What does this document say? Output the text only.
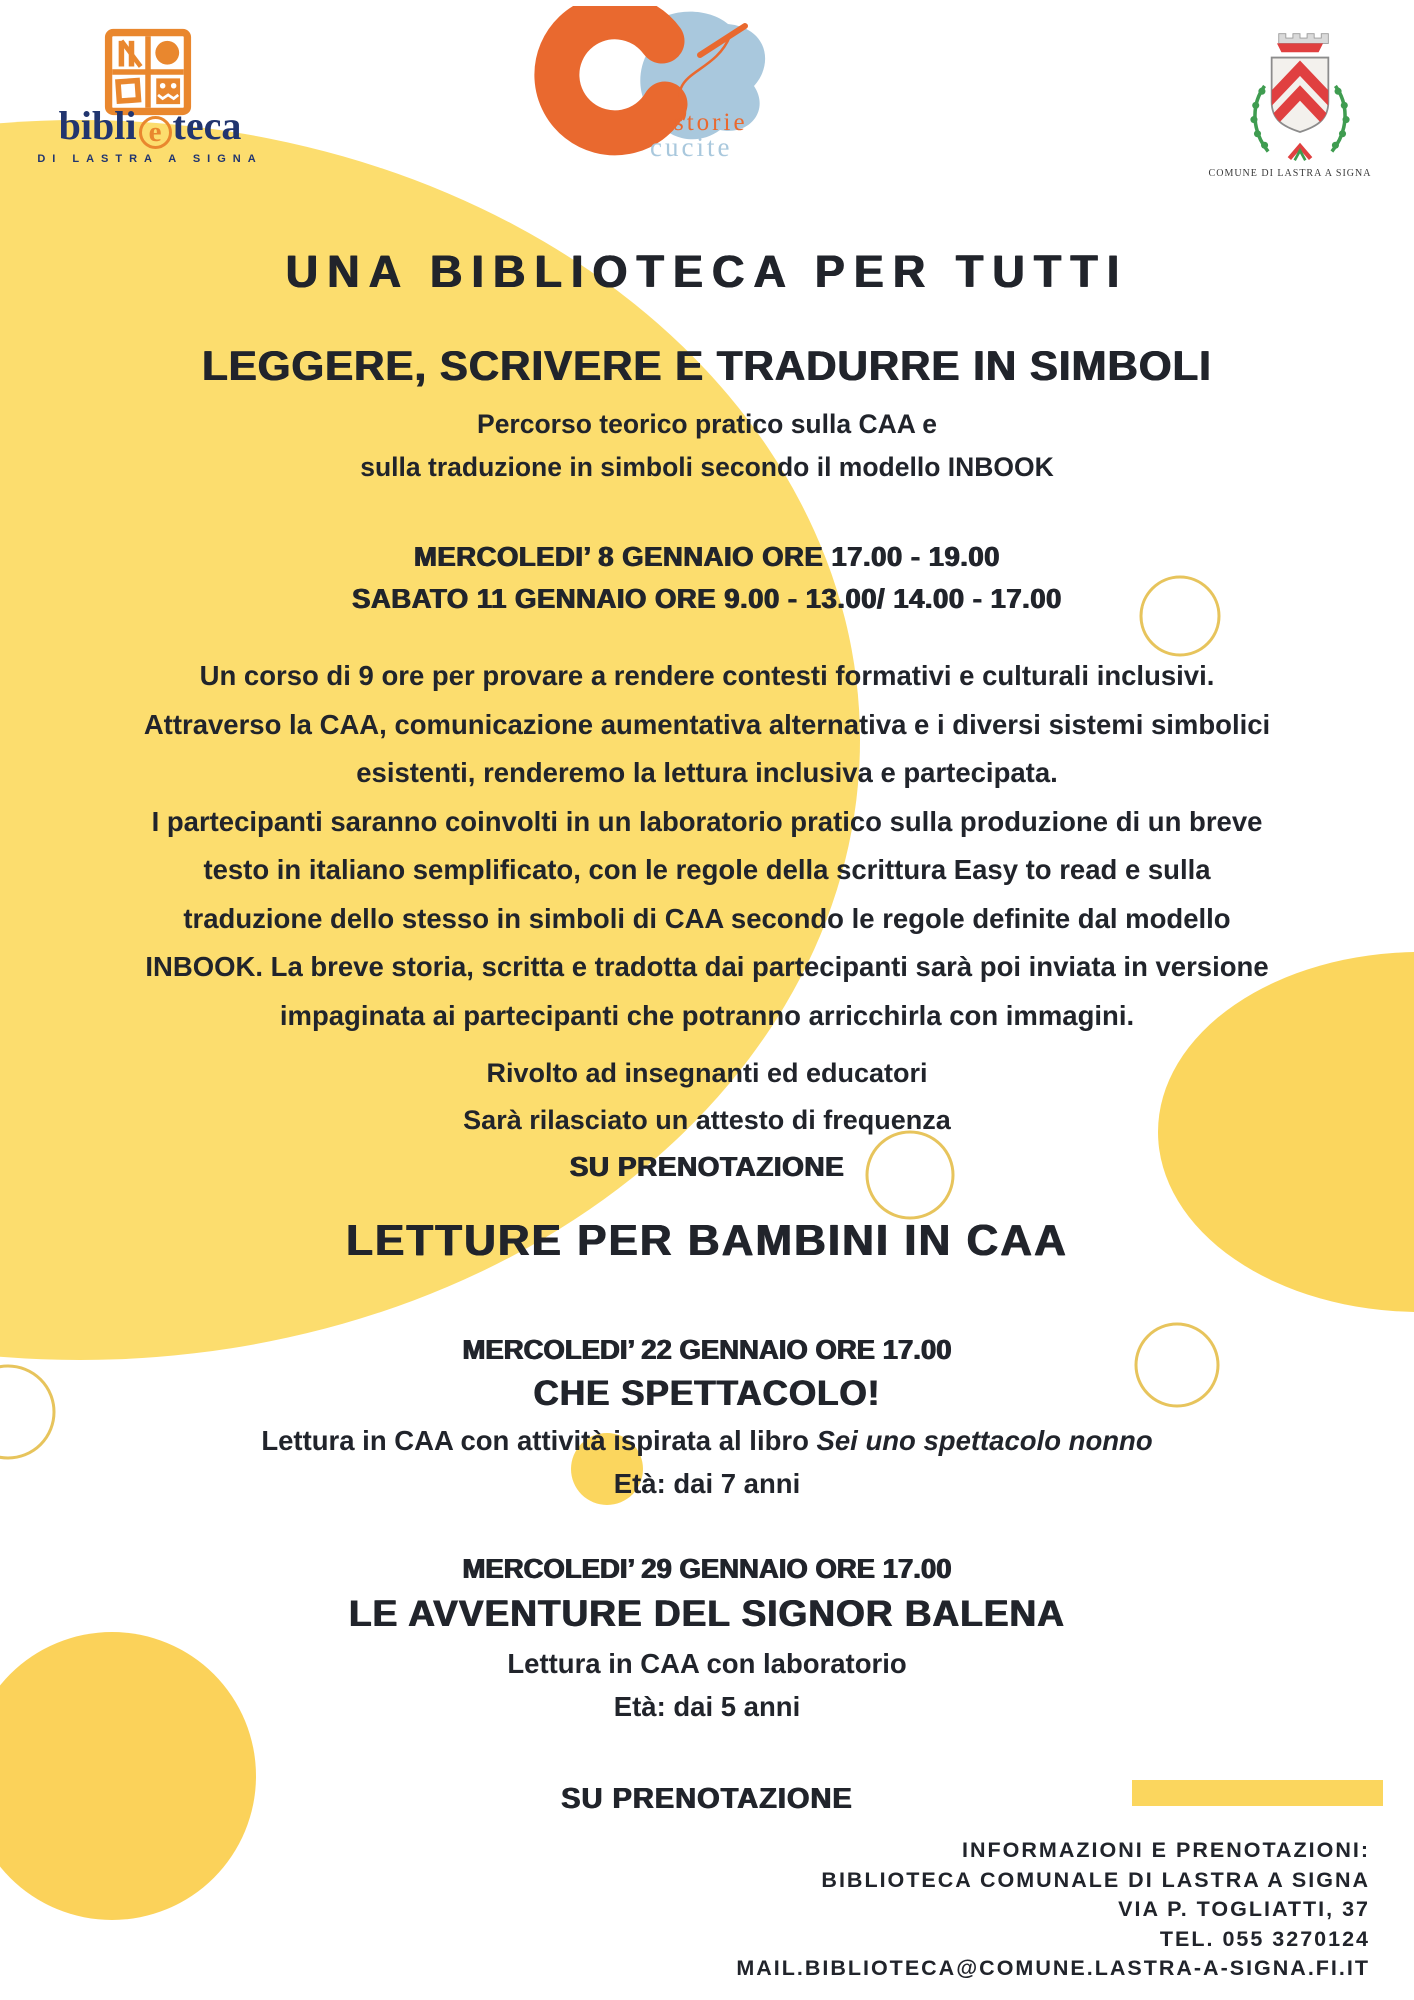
bibli e teca
DI LASTRA A SIGNA
storie
cucite
COMUNE DI LASTRA A SIGNA
UNA BIBLIOTECA PER TUTTI
LEGGERE, SCRIVERE E TRADURRE IN SIMBOLI
Percorso teorico pratico sulla CAA e
sulla traduzione in simboli secondo il modello INBOOK
MERCOLEDI’ 8 GENNAIO ORE 17.00 - 19.00
SABATO 11 GENNAIO ORE 9.00 - 13.00/ 14.00 - 17.00
Un corso di 9 ore per provare a rendere contesti formativi e culturali inclusivi.
Attraverso la CAA, comunicazione aumentativa alternativa e i diversi sistemi simbolici
esistenti, renderemo la lettura inclusiva e partecipata.
I partecipanti saranno coinvolti in un laboratorio pratico sulla produzione di un breve
testo in italiano semplificato, con le regole della scrittura Easy to read e sulla
traduzione dello stesso in simboli di CAA secondo le regole definite dal modello
INBOOK. La breve storia, scritta e tradotta dai partecipanti sarà poi inviata in versione
impaginata ai partecipanti che potranno arricchirla con immagini.
Rivolto ad insegnanti ed educatori
Sarà rilasciato un attesto di frequenza
SU PRENOTAZIONE
LETTURE PER BAMBINI IN CAA
MERCOLEDI’ 22 GENNAIO ORE 17.00
CHE SPETTACOLO!
Lettura in CAA con attività ispirata al libro Sei uno spettacolo nonno
Età: dai 7 anni
MERCOLEDI’ 29 GENNAIO ORE 17.00
LE AVVENTURE DEL SIGNOR BALENA
Lettura in CAA con laboratorio
Età: dai 5 anni
SU PRENOTAZIONE
INFORMAZIONI E PRENOTAZIONI:
BIBLIOTECA COMUNALE DI LASTRA A SIGNA
VIA P. TOGLIATTI, 37
TEL. 055 3270124
MAIL.BIBLIOTECA@COMUNE.LASTRA-A-SIGNA.FI.IT
